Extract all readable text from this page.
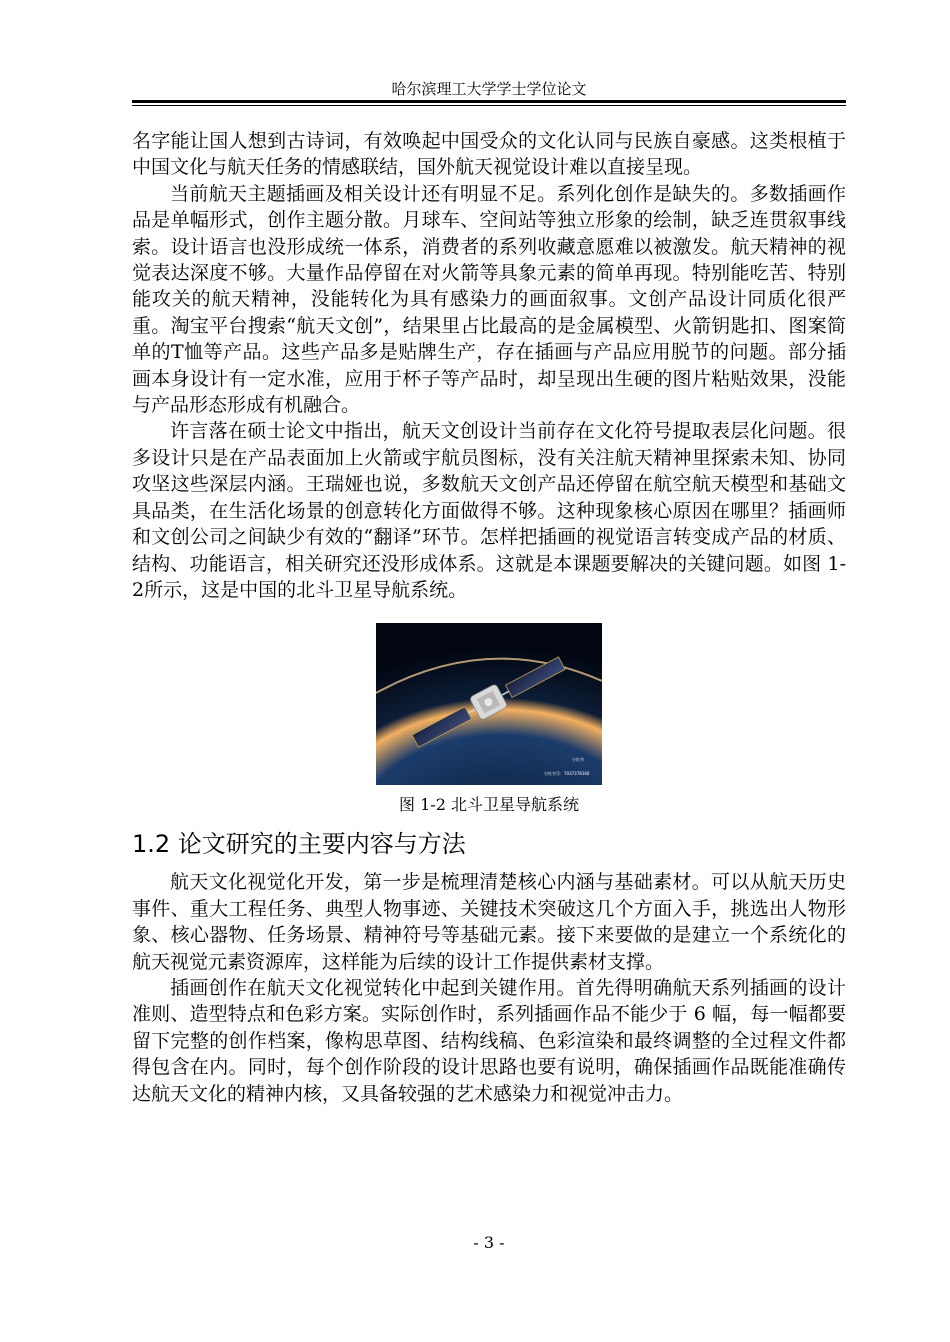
哈尔滨理工大学学士学位论文

名字能让国人想到古诗词，有效唤起中国受众的文化认同与民族自豪感。这类根植于中国文化与航天任务的情感联结，国外航天视觉设计难以直接呈现。

当前航天主题插画及相关设计还有明显不足。系列化创作是缺失的。多数插画作品是单幅形式，创作主题分散。月球车、空间站等独立形象的绘制，缺乏连贯叙事线索。设计语言也没形成统一体系，消费者的系列收藏意愿难以被激发。航天精神的视觉表达深度不够。大量作品停留在对火箭等具象元素的简单再现。特别能吃苦、特别能攻关的航天精神，没能转化为具有感染力的画面叙事。文创产品设计同质化很严重。淘宝平台搜索“航天文创”，结果里占比最高的是金属模型、火箭钥匙扣、图案简单的T恤等产品。这些产品多是贴牌生产，存在插画与产品应用脱节的问题。部分插画本身设计有一定水准，应用于杯子等产品时，却呈现出生硬的图片粘贴效果，没能与产品形态形成有机融合。

许言落在硕士论文中指出，航天文创设计当前存在文化符号提取表层化问题。很多设计只是在产品表面加上火箭或宇航员图标，没有关注航天精神里探索未知、协同攻坚这些深层内涵。王瑞娅也说，多数航天文创产品还停留在航空航天模型和基础文具品类，在生活化场景的创意转化方面做得不够。这种现象核心原因在哪里？插画师和文创公司之间缺少有效的“翻译”环节。怎样把插画的视觉语言转变成产品的材质、结构、功能语言，相关研究还没形成体系。这就是本课题要解决的关键问题。如图 1-2所示，这是中国的北斗卫星导航系统。

小红书
小红书号：7037378160
图 1-2 北斗卫星导航系统
1.2 论文研究的主要内容与方法

航天文化视觉化开发，第一步是梳理清楚核心内涵与基础素材。可以从航天历史事件、重大工程任务、典型人物事迹、关键技术突破这几个方面入手，挑选出人物形象、核心器物、任务场景、精神符号等基础元素。接下来要做的是建立一个系统化的航天视觉元素资源库，这样能为后续的设计工作提供素材支撑。

插画创作在航天文化视觉转化中起到关键作用。首先得明确航天系列插画的设计准则、造型特点和色彩方案。实际创作时，系列插画作品不能少于 6 幅，每一幅都要留下完整的创作档案，像构思草图、结构线稿、色彩渲染和最终调整的全过程文件都得包含在内。同时，每个创作阶段的设计思路也要有说明，确保插画作品既能准确传达航天文化的精神内核，又具备较强的艺术感染力和视觉冲击力。

- 3 -
